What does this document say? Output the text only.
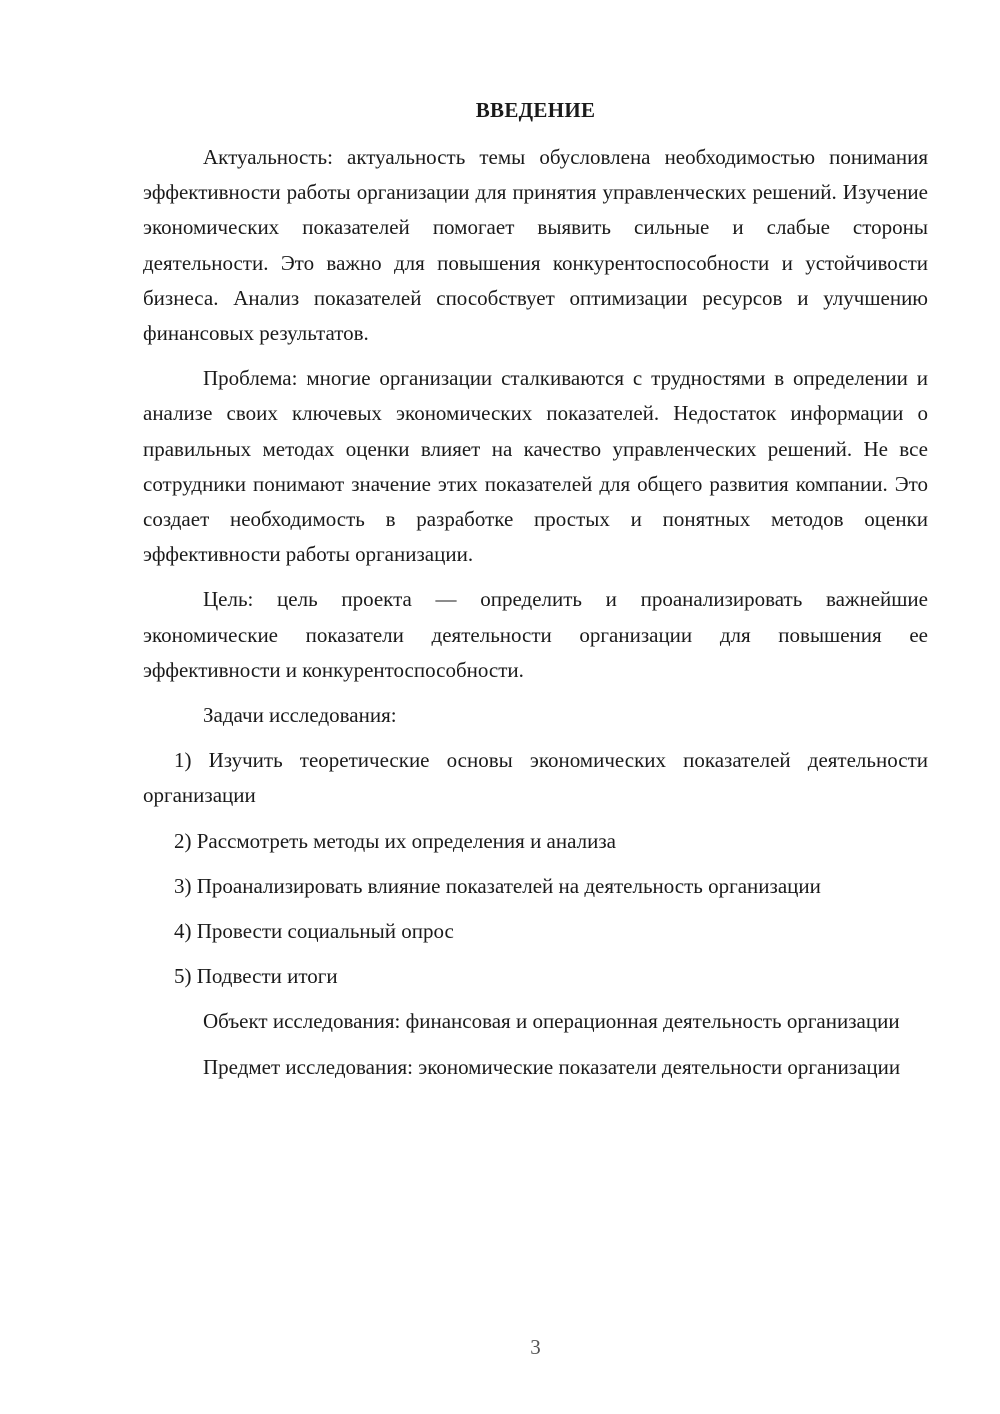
ВВЕДЕНИЕ

Актуальность: актуальность темы обусловлена необходимостью понимания эффективности работы организации для принятия управленческих решений. Изучение экономических показателей помогает выявить сильные и слабые стороны деятельности. Это важно для повышения конкурентоспособности и устойчивости бизнеса. Анализ показателей способствует оптимизации ресурсов и улучшению финансовых результатов.

Проблема: многие организации сталкиваются с трудностями в определении и анализе своих ключевых экономических показателей. Недостаток информации о правильных методах оценки влияет на качество управленческих решений. Не все сотрудники понимают значение этих показателей для общего развития компании. Это создает необходимость в разработке простых и понятных методов оценки эффективности работы организации.

Цель: цель проекта — определить и проанализировать важнейшие экономические показатели деятельности организации для повышения ее эффективности и конкурентоспособности.

Задачи исследования:

1) Изучить теоретические основы экономических показателей деятельности организации

2) Рассмотреть методы их определения и анализа

3) Проанализировать влияние показателей на деятельность организации

4) Провести социальный опрос

5) Подвести итоги

Объект исследования: финансовая и операционная деятельность организации

Предмет исследования: экономические показатели деятельности организации

3
